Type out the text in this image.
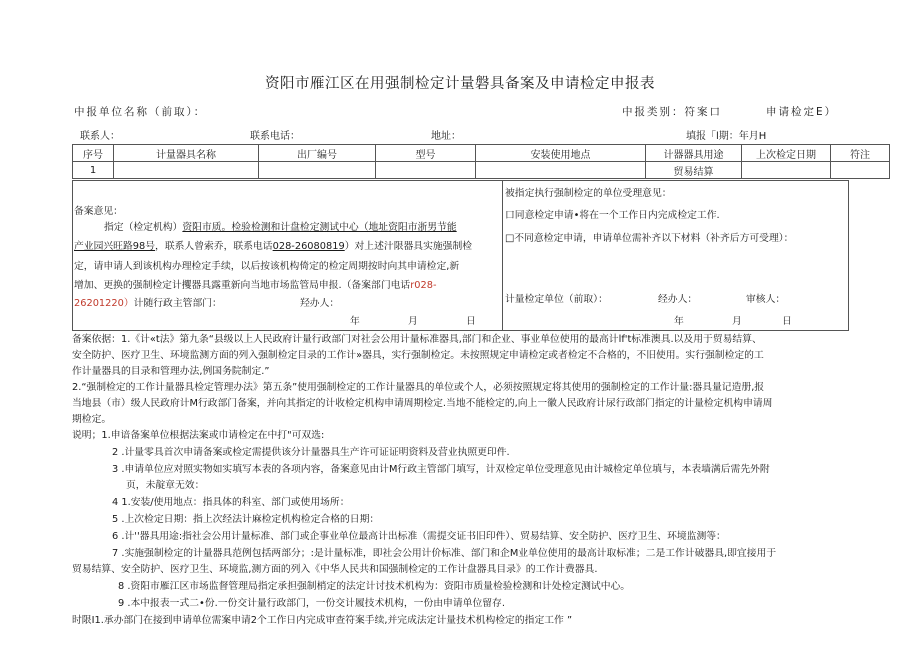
资阳市雁江区在用强制检定计量磐具备案及申请检定申报表
中报单位名称（前取）：	中报类别：符案口	申请检定E）
联系人：	联系电话：	地址：	填报「l期：年月H
序号	计量器具名称	出厂编号	型号	安装使用地点	计器器具用途	上次检定日期	符注
1					贸易结算		
备案意见：
指定（检定机构）资阳市质。检验检测和计盘检定测试中心（地址资阳市浙男节能
产业园兴旺路98号，联系人曾索乔，联系电话028-26080819）对上述汁限器具实施强制检
定，请申请人到该机构办理检定手续，以后按该机构倚定的检定周期按时向其申请检定,新
增加、更换的强制检定计攫器具露重新向当地市场监管局申报.（备案部门电话r028-
26201220）计随行政主管部门：	羟办人：
年	月	日
被指定执行强制检定的单位受理意见：
口同意检定申请•将在一个工作日内完成检定工作.
□不同意检定申请，申请单位需补齐以下材料（补齐后方可受理）：
计量检定单位（前取）：	经办人：	审核人：
年	月	日
备案依据：1.《计«t法》第九条“县级以上人民政府计量行政部门对社会公用计量标准器具,部门和企业、事业单位使用的最高计lf't标准澳具.以及用于贸易结算、
安全防护、医疗卫生、环境监测方面的列入强制检定目录的工作计»器具，实行强制检定。未按照规定申请检定或者检定不合格的，不旧使用。实行强制检定的工
作计量器具的目录和管理办法,例国务院制定.”
2.“强制检定的工作计量器具检定管理办法》第五条”使用强制检定的工作计量器具的单位或个人，必须按照规定将其使用的强制检定的工作计量:器具量记造册,报
当地县（市）级人民政府计M行政部门备案，并向其指定的计收检定机构申请周期检定.当地不能检定的,向上一徽人民政府计尿行政部门指定的计量检定机构申请周
期检定。
说明；1.申谙备案单位根据法案或巾请检定在中打"可双选:
2 .计量零具首次申请备案或检定需提供该分计量器具生产许可证证明资料及营业执照更印件.
3 .申请单位应对照实物如实填写本表的各项内容，备案意见由计M行政主管部门填写，计双检定单位受理意见由计城检定单位填与，本表墙满后需先外附
页，未靛章无效：
4 1.安装/使用地点：指具体的科室、部门或使用场所：
5 .上次检定日期：指上次经法计麻检定机构检定合格的日期：
6 .计''器具用途:指社会公用计量标准、部门或企事业单位最高计出标准（需提交证书旧印件）、贸易结算、安全防护、医疗卫生、环境监测等：
7 .实施强制检定的计量器具范例包括两部分；:是计量标准，即社会公用计价标准、部门和企M业单位使用的最高计取标准；二是工作计破器具,即宜接用于
贸易结算、安全防护、医疗卫生、环境监,测方面的列入《中华人民共和国强制检定的工作计盘器具目录》的工作计费器具.
8 .资阳市雁江区市场监督管理局指定承担强制梢定的法定计讨技术机构为：资阳市质量检验检测和计处检定测试中心。
9 .本中报表一式二•份.一份交计量行政部门，一份交计履技术机构，一份由申请单位留存.
时限I1.承办部门在接到申请单位需案申请2个工作日内完成审查符案手续,并完成法定计量技术机构检定的指定工作 ”
